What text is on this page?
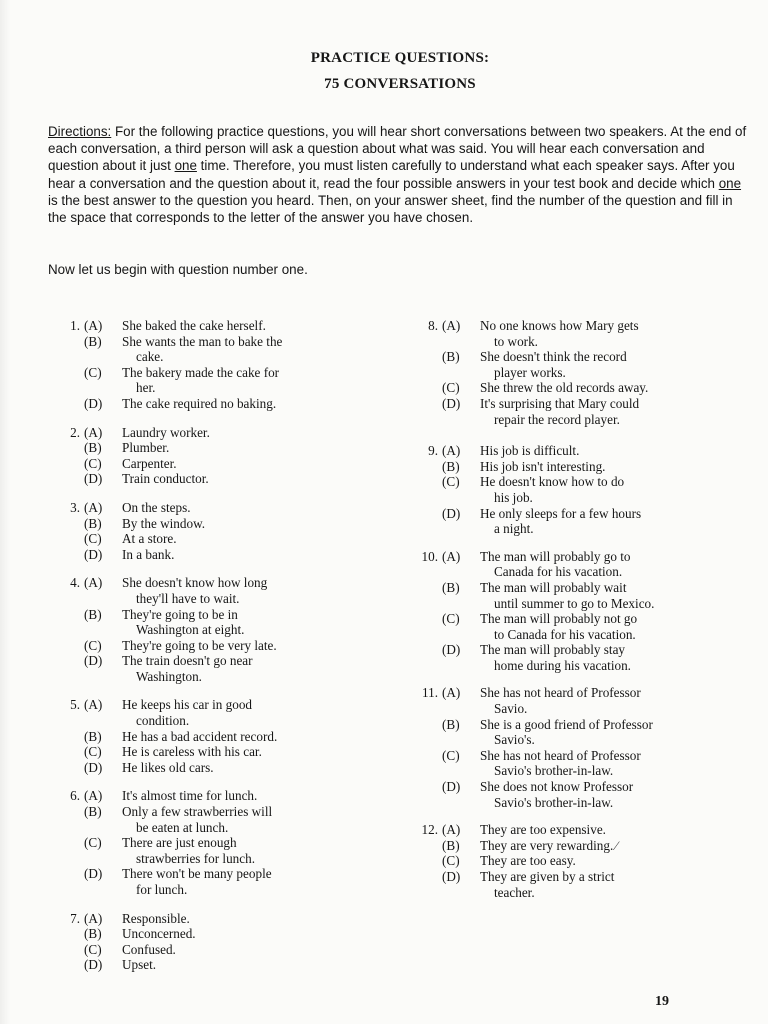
PRACTICE QUESTIONS:
75 CONVERSATIONS
Directions: For the following practice questions, you will hear short conversations between two speakers. At the end of each conversation, a third person will ask a question about what was said. You will hear each conversation and question about it just one time. Therefore, you must listen carefully to understand what each speaker says. After you hear a conversation and the question about it, read the four possible answers in your test book and decide which one is the best answer to the question you heard. Then, on your answer sheet, find the number of the question and fill in the space that corresponds to the letter of the answer you have chosen.
Now let us begin with question number one.
1. (A)	She baked the cake herself.
(B)	She wants the man to bake the
cake.
(C)	The bakery made the cake for
her.
(D)	The cake required no baking.
2. (A)	Laundry worker.
(B)	Plumber.
(C)	Carpenter.
(D)	Train conductor.
3. (A)	On the steps.
(B)	By the window.
(C)	At a store.
(D)	In a bank.
4. (A)	She doesn't know how long
they'll have to wait.
(B)	They're going to be in
Washington at eight.
(C)	They're going to be very late.
(D)	The train doesn't go near
Washington.
5. (A)	He keeps his car in good
condition.
(B)	He has a bad accident record.
(C)	He is careless with his car.
(D)	He likes old cars.
6. (A)	It's almost time for lunch.
(B)	Only a few strawberries will
be eaten at lunch.
(C)	There are just enough
strawberries for lunch.
(D)	There won't be many people
for lunch.
7. (A)	Responsible.
(B)	Unconcerned.
(C)	Confused.
(D)	Upset.
8. (A)	No one knows how Mary gets
to work.
(B)	She doesn't think the record
player works.
(C)	She threw the old records away.
(D)	It's surprising that Mary could
repair the record player.
9. (A)	His job is difficult.
(B)	His job isn't interesting.
(C)	He doesn't know how to do
his job.
(D)	He only sleeps for a few hours
a night.
10. (A)	The man will probably go to
Canada for his vacation.
(B)	The man will probably wait
until summer to go to Mexico.
(C)	The man will probably not go
to Canada for his vacation.
(D)	The man will probably stay
home during his vacation.
11. (A)	She has not heard of Professor
Savio.
(B)	She is a good friend of Professor
Savio's.
(C)	She has not heard of Professor
Savio's brother-in-law.
(D)	She does not know Professor
Savio's brother-in-law.
12. (A)	They are too expensive.
(B)	They are very rewarding. ⁄
(C)	They are too easy.
(D)	They are given by a strict
teacher.
19
